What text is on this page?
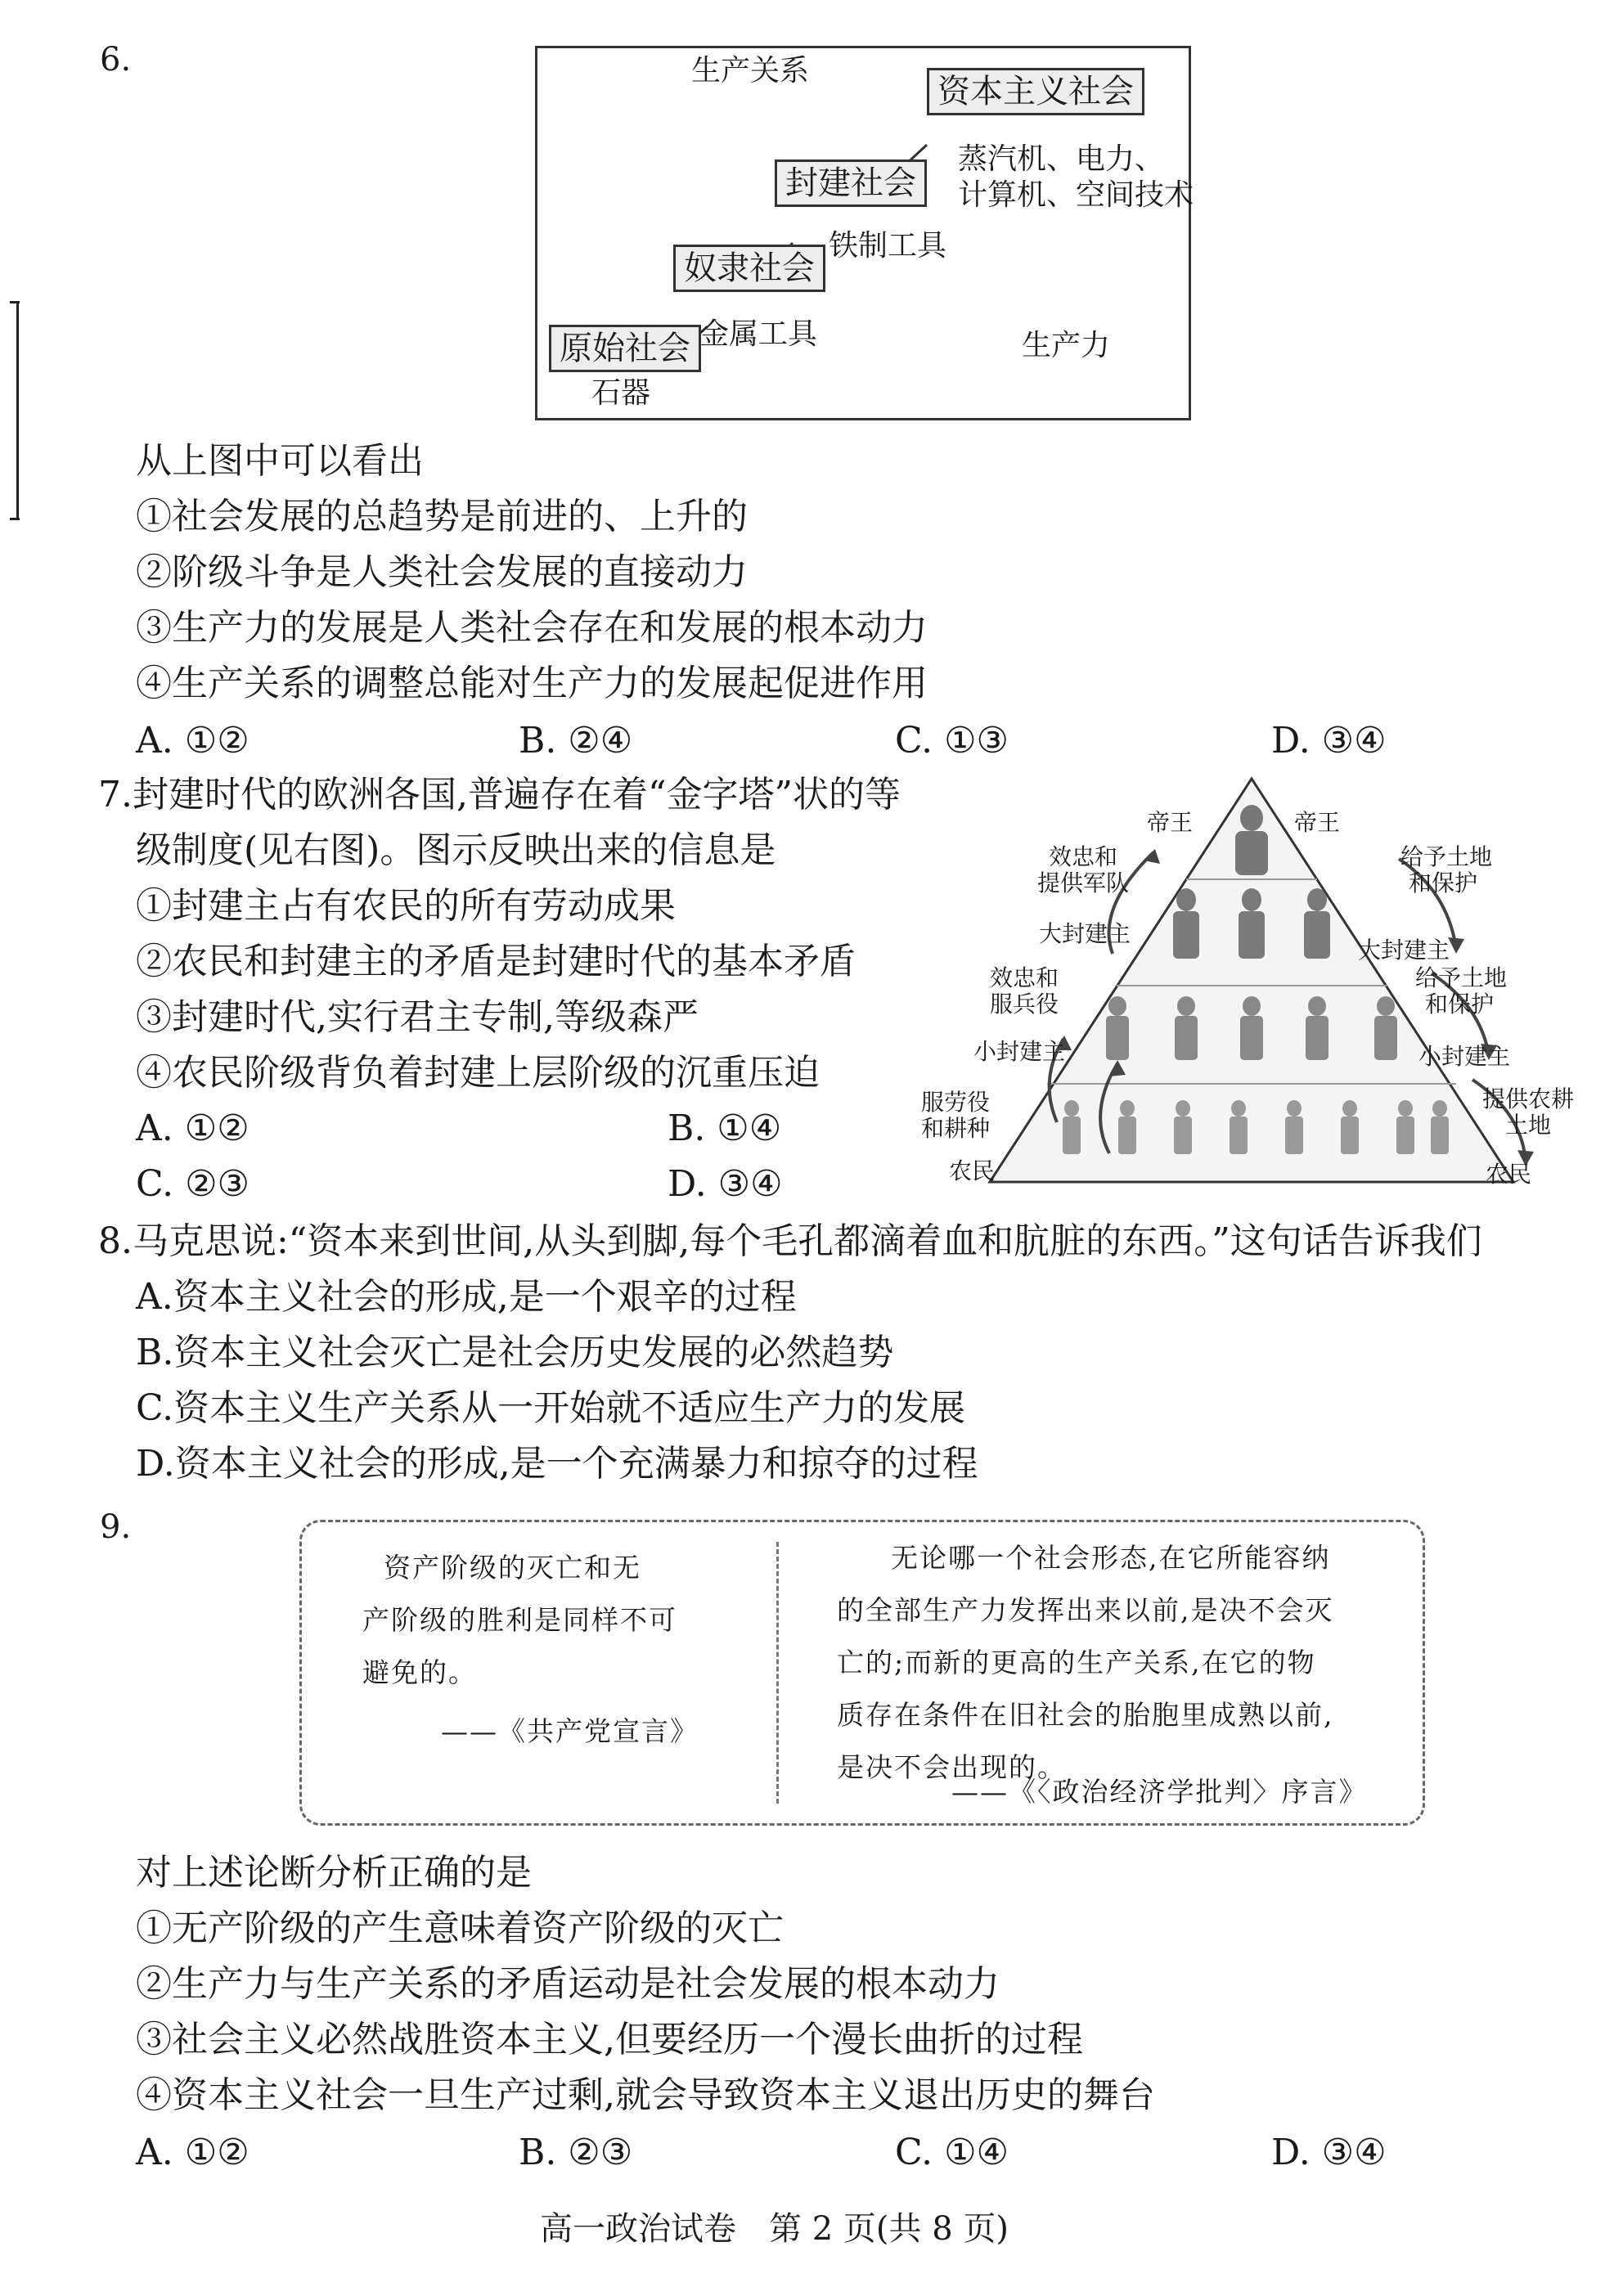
6.	生产关系
生产力
原始社会
奴隶社会
封建社会
资本主义社会
石器
金属工具
铁制工具
蒸汽机、电力、
计算机、空间技术
从上图中可以看出
①社会发展的总趋势是前进的、上升的
②阶级斗争是人类社会发展的直接动力
③生产力的发展是人类社会存在和发展的根本动力
④生产关系的调整总能对生产力的发展起促进作用
A. ①②	B. ②④	C. ①③	D. ③④
7.封建时代的欧洲各国,普遍存在着“金字塔”状的等
级制度(见右图)。图示反映出来的信息是
①封建主占有农民的所有劳动成果
②农民和封建主的矛盾是封建时代的基本矛盾
③封建时代,实行君主专制,等级森严
④农民阶级背负着封建上层阶级的沉重压迫
A. ①②	B. ①④
C. ②③	D. ③④
帝王	帝王
效忠和
提供军队
给予土地
和保护
大封建主
大封建主
效忠和
服兵役
给予土地
和保护
小封建主	小封建主
服劳役
和耕种
提供农耕
土地
农民	农民
8.马克思说:“资本来到世间,从头到脚,每个毛孔都滴着血和肮脏的东西。”这句话告诉我们
A.资本主义社会的形成,是一个艰辛的过程
B.资本主义社会灭亡是社会历史发展的必然趋势
C.资本主义生产关系从一开始就不适应生产力的发展
D.资本主义社会的形成,是一个充满暴力和掠夺的过程
9.
资产阶级的灭亡和无
产阶级的胜利是同样不可
避免的。
——《共产党宣言》
无论哪一个社会形态,在它所能容纳
的全部生产力发挥出来以前,是决不会灭
亡的;而新的更高的生产关系,在它的物
质存在条件在旧社会的胎胞里成熟以前,
是决不会出现的。
——《〈政治经济学批判〉序言》
对上述论断分析正确的是
①无产阶级的产生意味着资产阶级的灭亡
②生产力与生产关系的矛盾运动是社会发展的根本动力
③社会主义必然战胜资本主义,但要经历一个漫长曲折的过程
④资本主义社会一旦生产过剩,就会导致资本主义退出历史的舞台
A. ①②	B. ②③	C. ①④	D. ③④
高一政治试卷　第 2 页(共 8 页)
